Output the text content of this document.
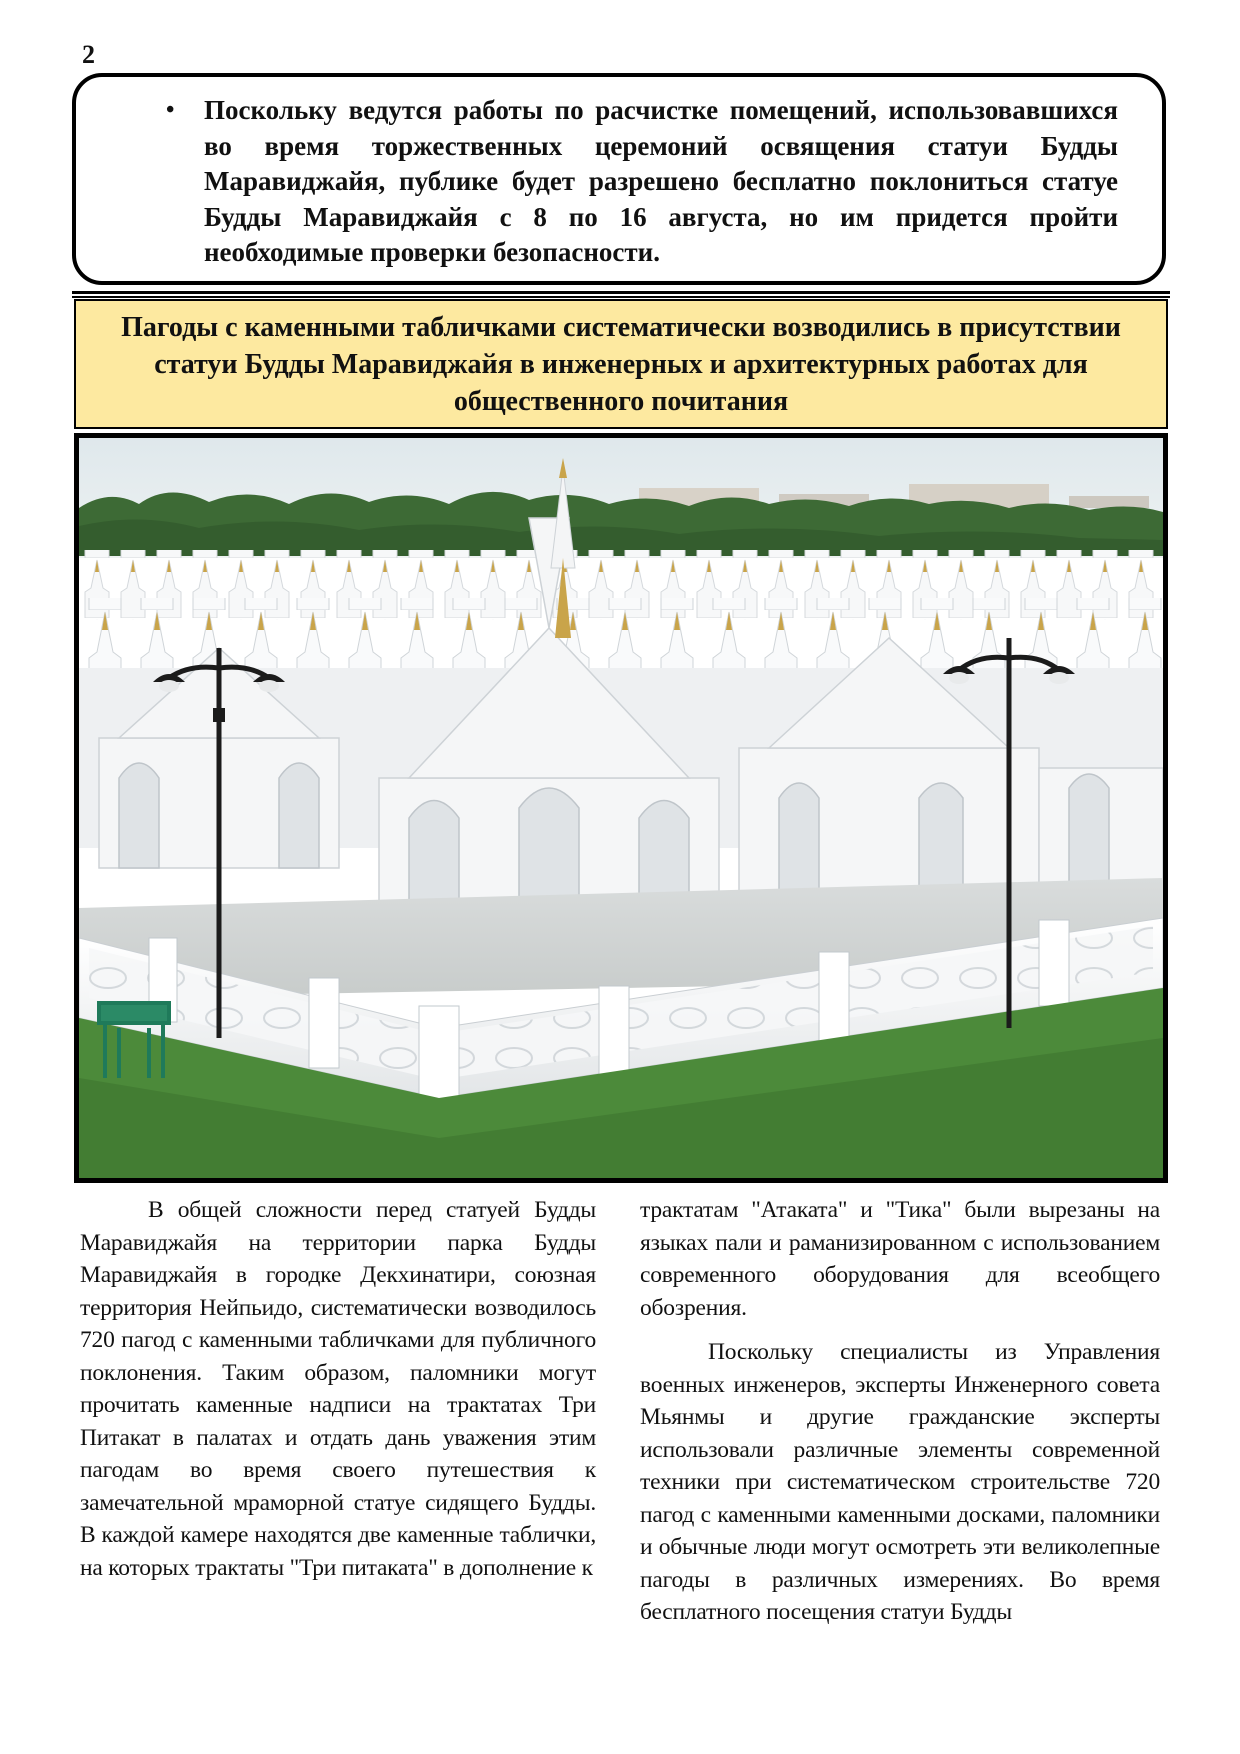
2
• Поскольку ведутся работы по расчистке помещений, использовавшихся во время торжественных церемоний освящения статуи Будды Маравиджайя, публике будет разрешено бесплатно поклониться статуе Будды Маравиджайя с 8 по 16 августа, но им придется пройти необходимые проверки безопасности.
Пагоды с каменными табличками систематически возводились в присутствии статуи Будды Маравиджайя в инженерных и архитектурных работах для общественного почитания

В общей сложности перед статуей Будды Маравиджайя на территории парка Будды Маравиджайя в городке Декхинатири, союзная территория Нейпьидо, систематически возводилось 720 пагод с каменными табличками для публичного поклонения. Таким образом, паломники могут прочитать каменные надписи на трактатах Три Питакат в палатах и отдать дань уважения этим пагодам во время своего путешествия к замечательной мраморной статуе сидящего Будды. В каждой камере находятся две каменные таблички, на которых трактаты "Три питаката" в дополнение к

трактатам "Атаката" и "Тика" были вырезаны на языках пали и раманизированном с использованием современного оборудования для всеобщего обозрения.

Поскольку специалисты из Управления военных инженеров, эксперты Инженерного совета Мьянмы и другие гражданские эксперты использовали различные элементы современной техники при систематическом строительстве 720 пагод с каменными каменными досками, паломники и обычные люди могут осмотреть эти великолепные пагоды в различных измерениях. Во время бесплатного посещения статуи Будды
